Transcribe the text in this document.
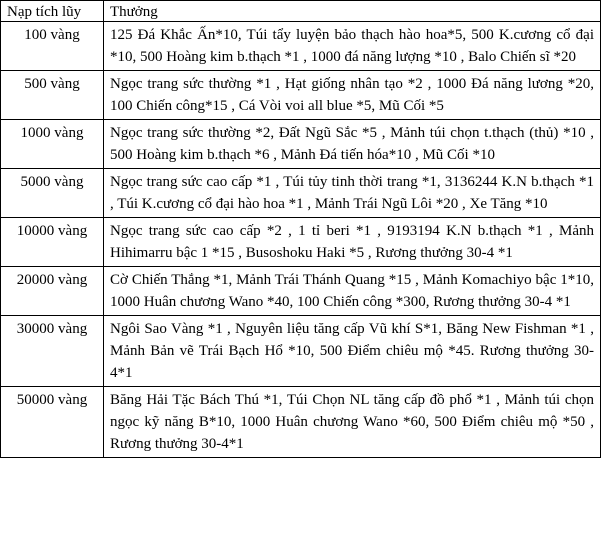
Nạp tích lũy	Thưởng
100 vàng	125 Đá Khắc Ấn*10, Túi tẩy luyện bảo thạch hào hoa*5, 500 K.cương cổ đại *10, 500 Hoàng kim b.thạch *1 , 1000 đá năng lượng *10 , Balo Chiến sĩ *20
500 vàng	Ngọc trang sức thường *1 , Hạt giống nhân tạo *2 , 1000 Đá năng lương *20, 100 Chiến công*15 , Cá Vòi voi all blue *5, Mũ Cối *5
1000 vàng	Ngọc trang sức thường *2, Đất Ngũ Sắc *5 , Mảnh túi chọn t.thạch (thủ) *10 , 500 Hoàng kim b.thạch *6 , Mảnh Đá tiến hóa*10 , Mũ Cối *10
5000 vàng	Ngọc trang sức cao cấp *1 , Túi tủy tinh thời trang *1, 3136244 K.N b.thạch *1 , Túi K.cương cổ đại hào hoa *1 , Mảnh Trái Ngũ Lôi *20 , Xe Tăng *10
10000 vàng	Ngọc trang sức cao cấp *2 , 1 tỉ beri *1 , 9193194 K.N b.thạch *1 , Mảnh Hihimarru bậc 1 *15 , Busoshoku Haki *5 , Rương thưởng 30-4 *1
20000 vàng	Cờ Chiến Thắng *1, Mảnh Trái Thánh Quang *15 , Mảnh Komachiyo bậc 1*10, 1000 Huân chương Wano *40, 100 Chiến công *300, Rương thưởng 30-4 *1
30000 vàng	Ngôi Sao Vàng *1 , Nguyên liệu tăng cấp Vũ khí S*1, Băng New Fishman *1 , Mảnh Bản vẽ Trái Bạch Hổ *10, 500 Điểm chiêu mộ *45. Rương thưởng 30-4*1
50000 vàng	Băng Hải Tặc Bách Thú *1, Túi Chọn NL tăng cấp đồ phổ *1 , Mảnh túi chọn ngọc kỹ năng B*10, 1000 Huân chương Wano *60, 500 Điểm chiêu mộ *50 , Rương thưởng 30-4*1
